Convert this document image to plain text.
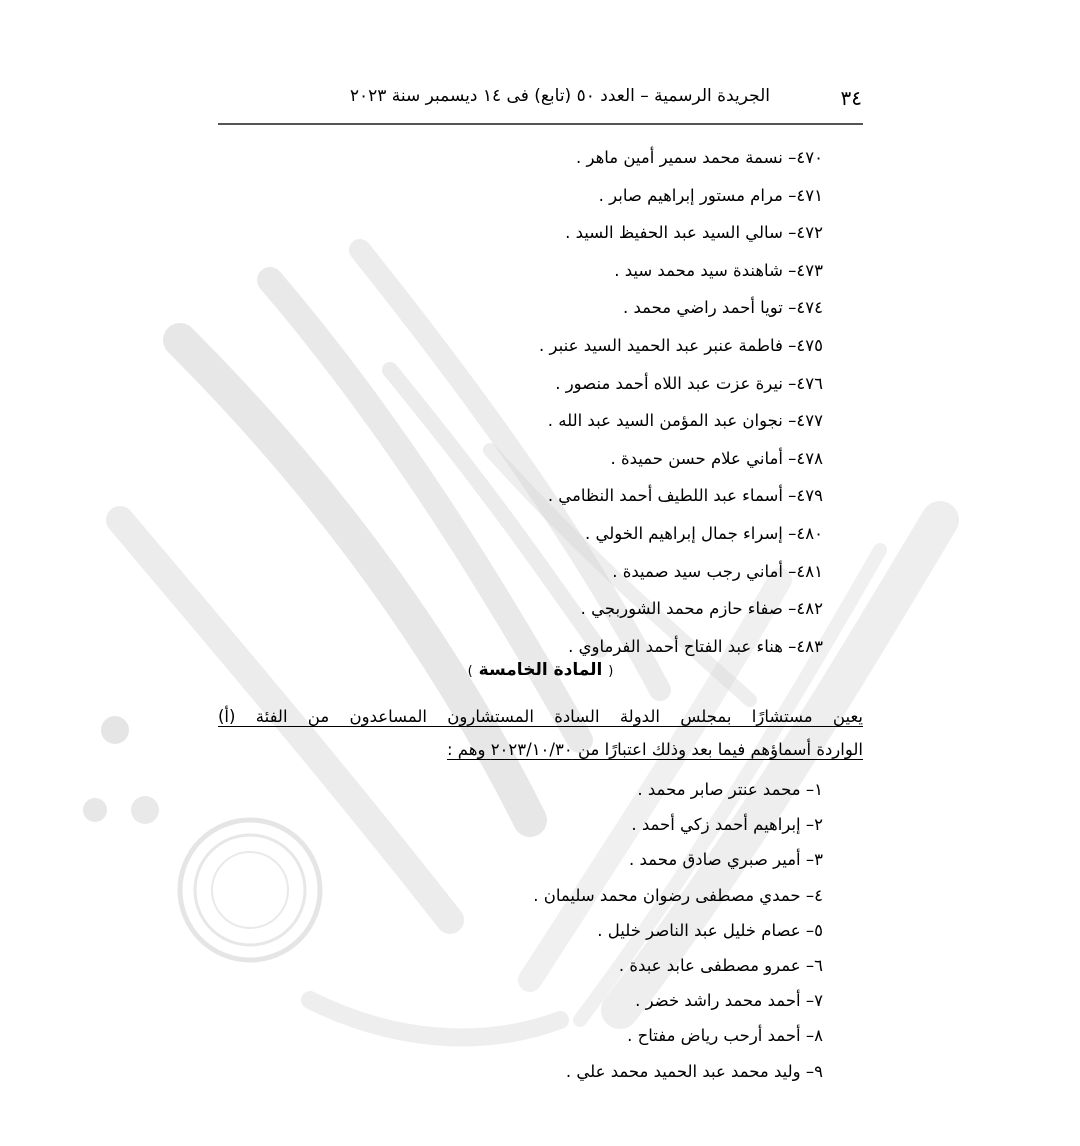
٣٤
الجريدة الرسمية – العدد ٥٠ (تابع) فى ١٤ ديسمبر سنة ٢٠٢٣
٤٧٠– نسمة محمد سمير أمين ماهر .
٤٧١– مرام مستور إبراهيم صابر .
٤٧٢– سالي السيد عبد الحفيظ السيد .
٤٧٣– شاهندة سيد محمد سيد .
٤٧٤– تويا أحمد راضي محمد .
٤٧٥– فاطمة عنبر عبد الحميد السيد عنبر .
٤٧٦– نيرة عزت عبد اللاه أحمد منصور .
٤٧٧– نجوان عبد المؤمن السيد عبد الله .
٤٧٨– أماني علام حسن حميدة .
٤٧٩– أسماء عبد اللطيف أحمد النظامي .
٤٨٠– إسراء جمال إبراهيم الخولي .
٤٨١– أماني رجب سيد صميدة .
٤٨٢– صفاء حازم محمد الشوربجي .
٤٨٣– هناء عبد الفتاح أحمد الفرماوي .
( المادة الخامسة )
يعين مستشارًا بمجلس الدولة السادة المستشارون المساعدون من الفئة (أ)
الواردة أسماؤهم فيما بعد وذلك اعتبارًا من ٢٠٢٣/١٠/٣٠ وهم :
١– محمد عنتر صابر محمد .
٢– إبراهيم أحمد زكي أحمد .
٣– أمير صبري صادق محمد .
٤– حمدي مصطفى رضوان محمد سليمان .
٥– عصام خليل عبد الناصر خليل .
٦– عمرو مصطفى عابد عبدة .
٧– أحمد محمد راشد خضر .
٨– أحمد أرحب رياض مفتاح .
٩– وليد محمد عبد الحميد محمد علي .
